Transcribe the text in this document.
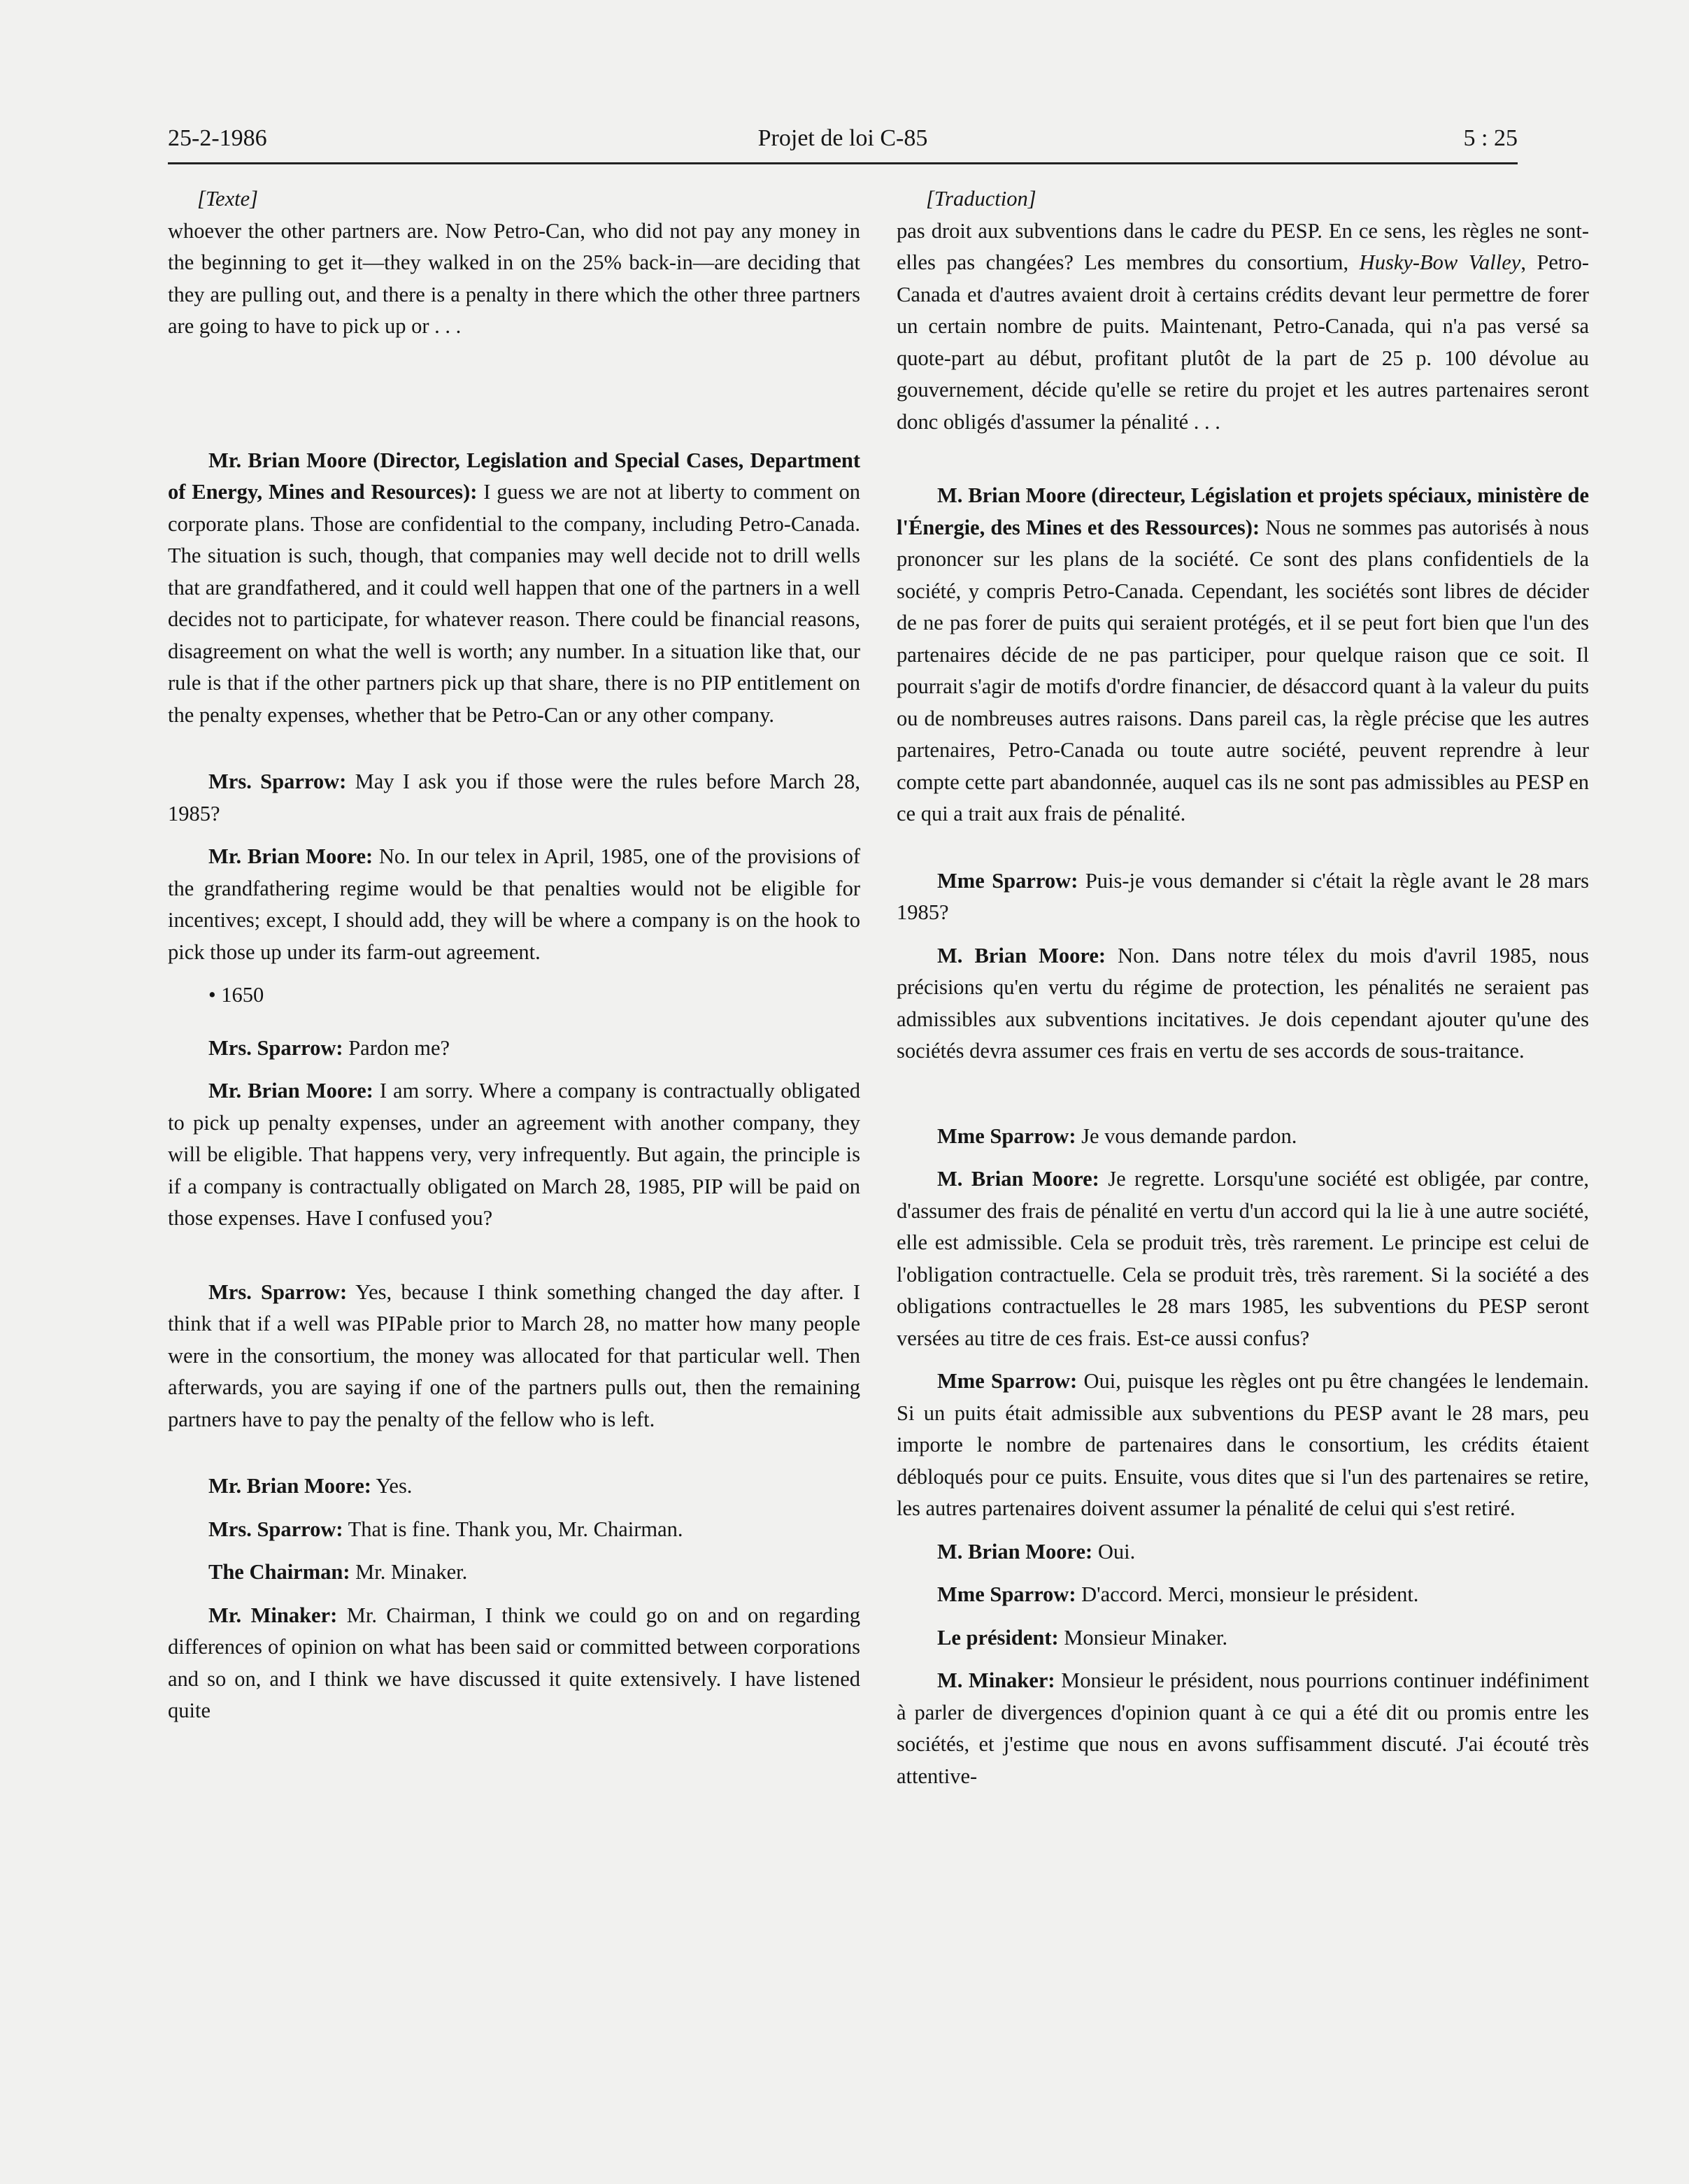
25-2-1986	Projet de loi C-85	5 : 25

[Texte]

whoever the other partners are. Now Petro-Can, who did not pay any money in the beginning to get it—they walked in on the 25% back-in—are deciding that they are pulling out, and there is a penalty in there which the other three partners are going to have to pick up or . . .

Mr. Brian Moore (Director, Legislation and Special Cases, Department of Energy, Mines and Resources): I guess we are not at liberty to comment on corporate plans. Those are confidential to the company, including Petro-Canada. The situation is such, though, that companies may well decide not to drill wells that are grandfathered, and it could well happen that one of the partners in a well decides not to participate, for whatever reason. There could be financial reasons, disagreement on what the well is worth; any number. In a situation like that, our rule is that if the other partners pick up that share, there is no PIP entitlement on the penalty expenses, whether that be Petro-Can or any other company.

Mrs. Sparrow: May I ask you if those were the rules before March 28, 1985?

Mr. Brian Moore: No. In our telex in April, 1985, one of the provisions of the grandfathering regime would be that penalties would not be eligible for incentives; except, I should add, they will be where a company is on the hook to pick those up under its farm-out agreement.

• 1650

Mrs. Sparrow: Pardon me?

Mr. Brian Moore: I am sorry. Where a company is contractually obligated to pick up penalty expenses, under an agreement with another company, they will be eligible. That happens very, very infrequently. But again, the principle is if a company is contractually obligated on March 28, 1985, PIP will be paid on those expenses. Have I confused you?

Mrs. Sparrow: Yes, because I think something changed the day after. I think that if a well was PIPable prior to March 28, no matter how many people were in the consortium, the money was allocated for that particular well. Then afterwards, you are saying if one of the partners pulls out, then the remaining partners have to pay the penalty of the fellow who is left.

Mr. Brian Moore: Yes.

Mrs. Sparrow: That is fine. Thank you, Mr. Chairman.

The Chairman: Mr. Minaker.

Mr. Minaker: Mr. Chairman, I think we could go on and on regarding differences of opinion on what has been said or committed between corporations and so on, and I think we have discussed it quite extensively. I have listened quite

[Traduction]

pas droit aux subventions dans le cadre du PESP. En ce sens, les règles ne sont-elles pas changées? Les membres du consortium, Husky-Bow Valley, Petro-Canada et d'autres avaient droit à certains crédits devant leur permettre de forer un certain nombre de puits. Maintenant, Petro-Canada, qui n'a pas versé sa quote-part au début, profitant plutôt de la part de 25 p. 100 dévolue au gouvernement, décide qu'elle se retire du projet et les autres partenaires seront donc obligés d'assumer la pénalité . . .

M. Brian Moore (directeur, Législation et projets spéciaux, ministère de l'Énergie, des Mines et des Ressources): Nous ne sommes pas autorisés à nous prononcer sur les plans de la société. Ce sont des plans confidentiels de la société, y compris Petro-Canada. Cependant, les sociétés sont libres de décider de ne pas forer de puits qui seraient protégés, et il se peut fort bien que l'un des partenaires décide de ne pas participer, pour quelque raison que ce soit. Il pourrait s'agir de motifs d'ordre financier, de désaccord quant à la valeur du puits ou de nombreuses autres raisons. Dans pareil cas, la règle précise que les autres partenaires, Petro-Canada ou toute autre société, peuvent reprendre à leur compte cette part abandonnée, auquel cas ils ne sont pas admissibles au PESP en ce qui a trait aux frais de pénalité.

Mme Sparrow: Puis-je vous demander si c'était la règle avant le 28 mars 1985?

M. Brian Moore: Non. Dans notre télex du mois d'avril 1985, nous précisions qu'en vertu du régime de protection, les pénalités ne seraient pas admissibles aux subventions incitatives. Je dois cependant ajouter qu'une des sociétés devra assumer ces frais en vertu de ses accords de sous-traitance.

Mme Sparrow: Je vous demande pardon.

M. Brian Moore: Je regrette. Lorsqu'une société est obligée, par contre, d'assumer des frais de pénalité en vertu d'un accord qui la lie à une autre société, elle est admissible. Cela se produit très, très rarement. Le principe est celui de l'obligation contractuelle. Cela se produit très, très rarement. Si la société a des obligations contractuelles le 28 mars 1985, les subventions du PESP seront versées au titre de ces frais. Est-ce aussi confus?

Mme Sparrow: Oui, puisque les règles ont pu être changées le lendemain. Si un puits était admissible aux subventions du PESP avant le 28 mars, peu importe le nombre de partenaires dans le consortium, les crédits étaient débloqués pour ce puits. Ensuite, vous dites que si l'un des partenaires se retire, les autres partenaires doivent assumer la pénalité de celui qui s'est retiré.

M. Brian Moore: Oui.

Mme Sparrow: D'accord. Merci, monsieur le président.

Le président: Monsieur Minaker.

M. Minaker: Monsieur le président, nous pourrions continuer indéfiniment à parler de divergences d'opinion quant à ce qui a été dit ou promis entre les sociétés, et j'estime que nous en avons suffisamment discuté. J'ai écouté très attentive-
